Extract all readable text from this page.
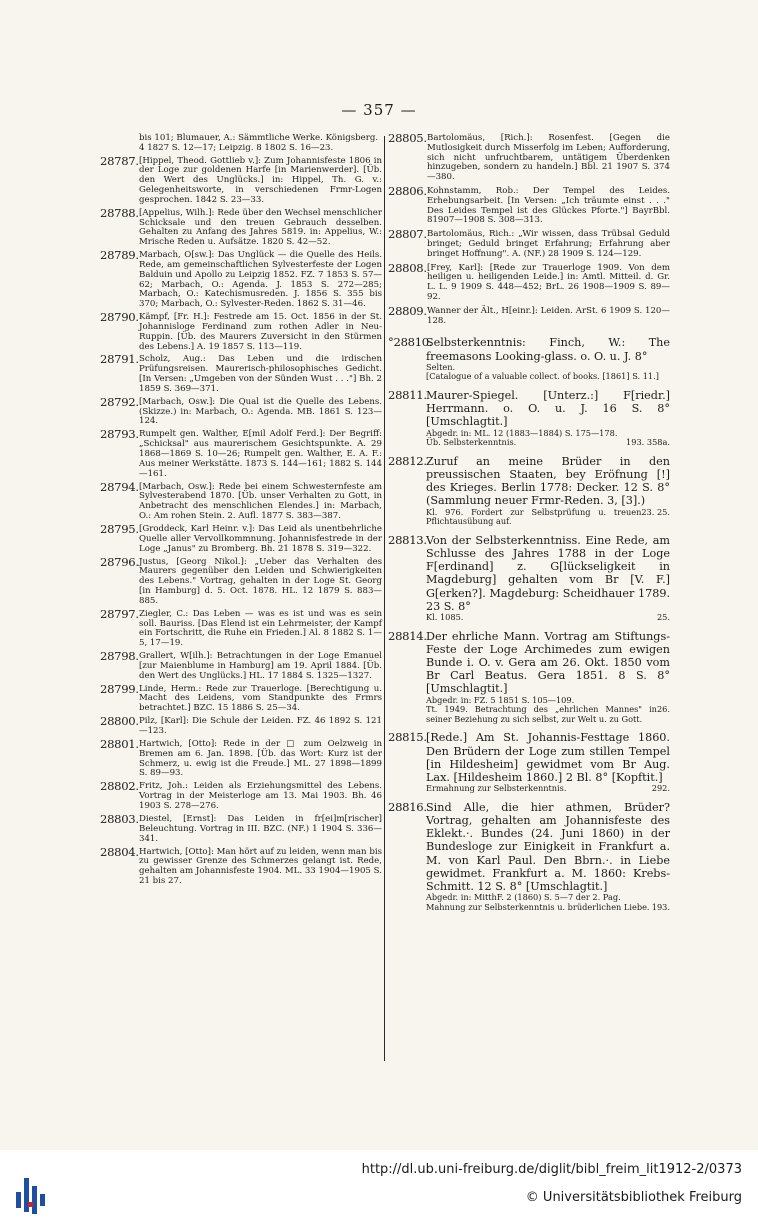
— 357 —
bis 101; Blumauer, A.: Sämmtliche Werke. Königsberg. 4 1827 S. 12—17; Leipzig. 8 1802 S. 16—23.
28787. [Hippel, Theod. Gottlieb v.]: Zum Johannisfeste 1806 in der Loge zur goldenen Harfe [in Marienwerder]. [Üb. den Wert des Unglücks.] in: Hippel, Th. G. v.: Gelegenheitsworte, in verschiedenen Frmr-Logen gesprochen. 1842 S. 23—33.
28788. [Appelius, Wilh.]: Rede über den Wechsel menschlicher Schicksale und den treuen Gebrauch desselben. Gehalten zu Anfang des Jahres 5819. in: Appelius, W.: Mrische Reden u. Aufsätze. 1820 S. 42—52.
28789. Marbach, O[sw.]: Das Unglück — die Quelle des Heils. Rede, am gemeinschaftlichen Sylvesterfeste der Logen Balduin und Apollo zu Leipzig 1852. FZ. 7 1853 S. 57—62; Marbach, O.: Agenda. J. 1853 S. 272—285; Marbach, O.: Katechismusreden. J. 1856 S. 355 bis 370; Marbach, O.: Sylvester-Reden. 1862 S. 31—46.
28790. Kämpf, [Fr. H.]: Festrede am 15. Oct. 1856 in der St. Johannisloge Ferdinand zum rothen Adler in Neu-Ruppin. [Üb. des Maurers Zuversicht in den Stürmen des Lebens.] A. 19 1857 S. 113—119.
28791. Scholz, Aug.: Das Leben und die irdischen Prüfungsreisen. Maurerisch-philosophisches Gedicht. [In Versen: „Umgeben von der Sünden Wust . . ."] Bh. 2 1859 S. 369—371.
28792. [Marbach, Osw.]: Die Qual ist die Quelle des Lebens. (Skizze.) in: Marbach, O.: Agenda. MB. 1861 S. 123—124.
28793. Rumpelt gen. Walther, E[mil Adolf Ferd.]: Der Begriff: „Schicksal" aus maurerischem Gesichtspunkte. A. 29 1868—1869 S. 10—26; Rumpelt gen. Walther, E. A. F.: Aus meiner Werkstätte. 1873 S. 144—161; 1882 S. 144—161.
28794. [Marbach, Osw.]: Rede bei einem Schwesternfeste am Sylvesterabend 1870. [Üb. unser Verhalten zu Gott, in Anbetracht des menschlichen Elendes.] in: Marbach, O.: Am rohen Stein. 2. Aufl. 1877 S. 383—387.
28795. [Groddeck, Karl Heinr. v.]: Das Leid als unentbehrliche Quelle aller Vervollkommnung. Johannisfestrede in der Loge „Janus" zu Bromberg. Bh. 21 1878 S. 319—322.
28796. Justus, [Georg Nikol.]: „Ueber das Verhalten des Maurers gegenüber den Leiden und Schwierigkeiten des Lebens." Vortrag, gehalten in der Loge St. Georg [in Hamburg] d. 5. Oct. 1878. HL. 12 1879 S. 883—885.
28797. Ziegler, C.: Das Leben — was es ist und was es sein soll. Bauriss. [Das Elend ist ein Lehrmeister, der Kampf ein Fortschritt, die Ruhe ein Frieden.] Al. 8 1882 S. 1—5, 17—19.
28798. Grallert, W[ilh.]: Betrachtungen in der Loge Emanuel [zur Maienblume in Hamburg] am 19. April 1884. [Üb. den Wert des Unglücks.] HL. 17 1884 S. 1325—1327.
28799. Linde, Herm.: Rede zur Trauerloge. [Berechtigung u. Macht des Leidens, vom Standpunkte des Frmrs betrachtet.] BZC. 15 1886 S. 25—34.
28800. Pilz, [Karl]: Die Schule der Leiden. FZ. 46 1892 S. 121—123.
28801. Hartwich, [Otto]: Rede in der □ zum Oelzweig in Bremen am 6. Jan. 1898. [Üb. das Wort: Kurz ist der Schmerz, u. ewig ist die Freude.] ML. 27 1898—1899 S. 89—93.
28802. Fritz, Joh.: Leiden als Erziehungsmittel des Lebens. Vortrag in der Meisterloge am 13. Mai 1903. Bh. 46 1903 S. 278—276.
28803. Diestel, [Ernst]: Das Leiden in fr[ei]m[rischer] Beleuchtung. Vortrag in III. BZC. (NF.) 1 1904 S. 336—341.
28804. Hartwich, [Otto]: Man hört auf zu leiden, wenn man bis zu gewisser Grenze des Schmerzes gelangt ist. Rede, gehalten am Johannisfeste 1904. ML. 33 1904—1905 S. 21 bis 27.
28805. Bartolomäus, [Rich.]: Rosenfest. [Gegen die Mutlosigkeit durch Misserfolg im Leben; Aufforderung, sich nicht unfruchtbarem, untätigem Überdenken hinzugeben, sondern zu handeln.] Bbl. 21 1907 S. 374—380.
28806. Kohnstamm, Rob.: Der Tempel des Leides. Erhebungsarbeit. [In Versen: „Ich träumte einst . . ." Des Leides Tempel ist des Glückes Pforte."] BayrBbl. 81907—1908 S. 308—313.
28807. Bartolomäus, Rich.: „Wir wissen, dass Trübsal Geduld bringet; Geduld bringet Erfahrung; Erfahrung aber bringet Hoffnung". A. (NF.) 28 1909 S. 124—129.
28808. [Frey, Karl]: [Rede zur Trauerloge 1909. Von dem heiligen u. heiligenden Leide.] in: Amtl. Mitteil. d. Gr. L. L. 9 1909 S. 448—452; BrL. 26 1908—1909 S. 89—92.
28809. Wanner der Ält., H[einr.]: Leiden. ArSt. 6 1909 S. 120—128.
°28810.
Selbsterkenntnis: Finch, W.: The freemasons Looking-glass. o. O. u. J. 8°
Selten.
[Catalogue of a valuable collect. of books. [1861] S. 11.]
28811. Maurer-Spiegel. [Unterz.:] F[riedr.] Herrmann. o. O. u. J. 16 S. 8° [Umschlagtit.]
Abgedr. in: ML. 12 (1883—1884) S. 175—178.
193. 358a.
Üb. Selbsterkenntnis.
28812. Zuruf an meine Brüder in den preussischen Staaten, bey Eröfnung [!] des Krieges. Berlin 1778: Decker. 12 S. 8° (Sammlung neuer Frmr-Reden. 3, [3].)
23. 25.
Kl. 976. Fordert zur Selbstprüfung u. treuen Pflichtausübung auf.
28813. Von der Selbsterkenntniss. Eine Rede, am Schlusse des Jahres 1788 in der Loge F[erdinand] z. G[lückseligkeit in Magdeburg] gehalten vom Br [V. F.] G[erken?]. Magdeburg: Scheidhauer 1789. 23 S. 8°
25.
Kl. 1085.
28814. Der ehrliche Mann. Vortrag am Stiftungs-Feste der Loge Archimedes zum ewigen Bunde i. O. v. Gera am 26. Okt. 1850 vom Br Carl Beatus. Gera 1851. 8 S. 8° [Umschlagtit.]
Abgedr. in: FZ. 5 1851 S. 105—109.
26.
Tt. 1949. Betrachtung des „ehrlichen Mannes" in seiner Beziehung zu sich selbst, zur Welt u. zu Gott.
28815. [Rede.] Am St. Johannis-Festtage 1860. Den Brüdern der Loge zum stillen Tempel [in Hildesheim] gewidmet vom Br Aug. Lax. [Hildesheim 1860.] 2 Bl. 8° [Kopftit.]
292.
Ermahnung zur Selbsterkenntnis.
28816. Sind Alle, die hier athmen, Brüder? Vortrag, gehalten am Johannisfeste des Eklekt.·. Bundes (24. Juni 1860) in der Bundesloge zur Einigkeit in Frankfurt a. M. von Karl Paul. Den Bbrn.·. in Liebe gewidmet. Frankfurt a. M. 1860: Krebs-Schmitt. 12 S. 8° [Umschlagtit.]
Abgedr. in: MitthF. 2 (1860) S. 5—7 der 2. Pag.
193.
Mahnung zur Selbsterkenntnis u. brüderlichen Liebe.
http://dl.ub.uni-freiburg.de/diglit/bibl_freim_lit1912-2/0373
© Universitätsbibliothek Freiburg
